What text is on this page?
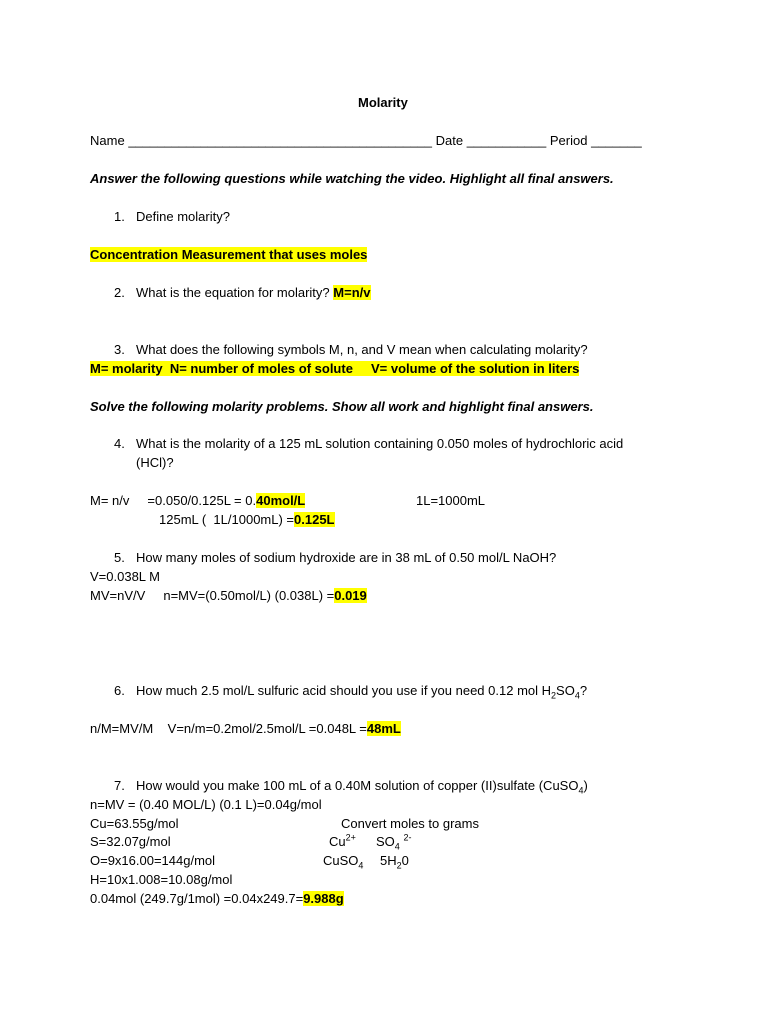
Molarity
Name __________________________________________ Date ___________ Period _______
Answer the following questions while watching the video. Highlight all final answers.
1. Define molarity?
Concentration Measurement that uses moles
2. What is the equation for molarity? M=n/v
3. What does the following symbols M, n, and V mean when calculating molarity?
M= molarity  N= number of moles of solute     V= volume of the solution in liters
Solve the following molarity problems. Show all work and highlight final answers.
4. What is the molarity of a 125 mL solution containing 0.050 moles of hydrochloric acid
(HCl)?
M= n/v     =0.050/0.125L = 0.40mol/L	1L=1000mL
125mL (  1L/1000mL) =0.125L
5. How many moles of sodium hydroxide are in 38 mL of 0.50 mol/L NaOH?
V=0.038L M
MV=nV/V     n=MV=(0.50mol/L) (0.038L) =0.019
6. How much 2.5 mol/L sulfuric acid should you use if you need 0.12 mol $H_2SO_4$?
n/M=MV/M    V=n/m=0.2mol/2.5mol/L =0.048L =48mL
7. How would you make 100 mL of a 0.40M solution of copper (II)sulfate (CuSO$_4$)
n=MV = (0.40 MOL/L) (0.1 L)=0.04g/mol
Cu=63.55g/mol	Convert moles to grams
S=32.07g/mol	$Cu^{2+}$ $SO_4$ $^{2-}$
O=9x16.00=144g/mol	CuSO$_4$ $5H_20$
H=10x1.008=10.08g/mol
0.04mol (249.7g/1mol) =0.04x249.7=9.988g
